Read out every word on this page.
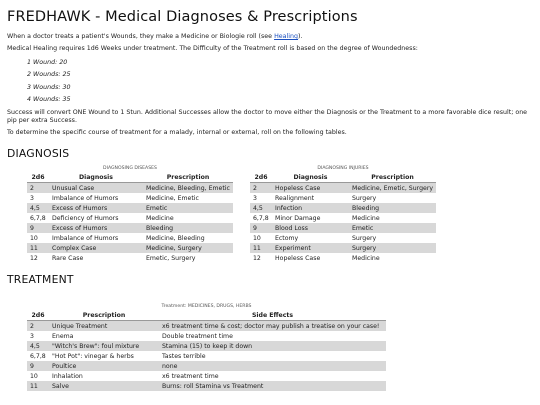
FREDHAWK - Medical Diagnoses & Prescriptions

When a doctor treats a patient's Wounds, they make a Medicine or Biologie roll (see Healing).

Medical Healing requires 1d6 Weeks under treatment. The Difficulty of the Treatment roll is based on the degree of Woundedness:

1 Wound: 20
2 Wounds: 25
3 Wounds: 30
4 Wounds: 35

Success will convert ONE Wound to 1 Stun. Additional Successes allow the doctor to move either the Diagnosis or the Treatment to a more favorable dice result; one pip per extra Success.

To determine the specific course of treatment for a malady, internal or external, roll on the following tables.

DIAGNOSIS
DIAGNOSING DISEASES
2d6	Diagnosis	Prescription
2	Unusual Case	Medicine, Bleeding, Emetic
3	Imbalance of Humors	Medicine, Emetic
4,5	Excess of Humors	Emetic
6,7,8	Deficiency of Humors	Medicine
9	Excess of Humors	Bleeding
10	Imbalance of Humors	Medicine, Bleeding
11	Complex Case	Medicine, Surgery
12	Rare Case	Emetic, Surgery
DIAGNOSING INJURIES
2d6	Diagnosis	Prescription
2	Hopeless Case	Medicine, Emetic, Surgery
3	Realignment	Surgery
4,5	Infection	Bleeding
6,7,8	Minor Damage	Medicine
9	Blood Loss	Emetic
10	Ectomy	Surgery
11	Experiment	Surgery
12	Hopeless Case	Medicine
TREATMENT
Treatment: MEDICINES, DRUGS, HERBS
2d6	Prescription	Side Effects
2	Unique Treatment	x6 treatment time & cost; doctor may publish a treatise on your case!
3	Enema	Double treatment time
4,5	"Witch's Brew": foul mixture	Stamina (15) to keep it down
6,7,8	"Hot Pot": vinegar & herbs	Tastes terrible
9	Poultice	none
10	Inhalation	x6 treatment time
11	Salve	Burns: roll Stamina vs Treatment
